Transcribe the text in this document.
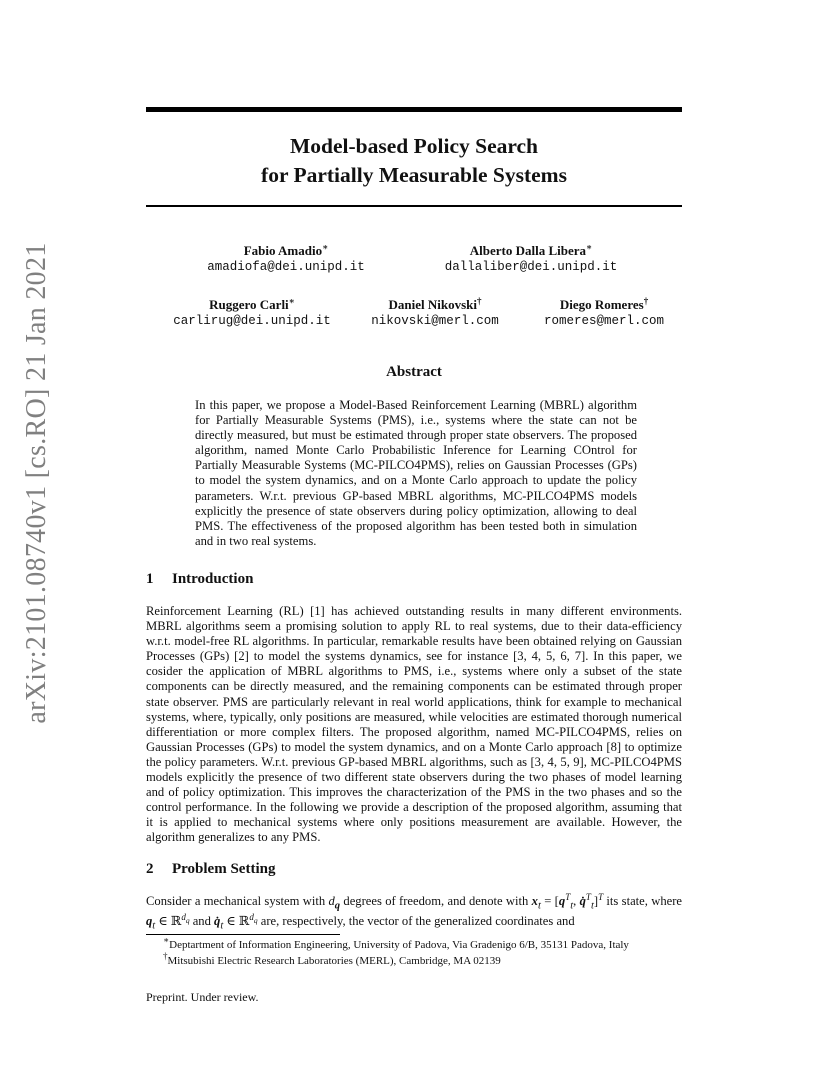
arXiv:2101.08740v1 [cs.RO] 21 Jan 2021
Model-based Policy Search
for Partially Measurable Systems
Fabio Amadio∗
amadiofa@dei.unipd.it
Alberto Dalla Libera∗
dallaliber@dei.unipd.it
Ruggero Carli∗
carlirug@dei.unipd.it
Daniel Nikovski†
nikovski@merl.com
Diego Romeres†
romeres@merl.com
Abstract
In this paper, we propose a Model-Based Reinforcement Learning (MBRL) algorithm for Partially Measurable Systems (PMS), i.e., systems where the state can not be directly measured, but must be estimated through proper state observers. The proposed algorithm, named Monte Carlo Probabilistic Inference for Learning COntrol for Partially Measurable Systems (MC-PILCO4PMS), relies on Gaussian Processes (GPs) to model the system dynamics, and on a Monte Carlo approach to update the policy parameters. W.r.t. previous GP-based MBRL algorithms, MC-PILCO4PMS models explicitly the presence of state observers during policy optimization, allowing to deal PMS. The effectiveness of the proposed algorithm has been tested both in simulation and in two real systems.
1 Introduction
Reinforcement Learning (RL) [1] has achieved outstanding results in many different environments. MBRL algorithms seem a promising solution to apply RL to real systems, due to their data-efficiency w.r.t. model-free RL algorithms. In particular, remarkable results have been obtained relying on Gaussian Processes (GPs) [2] to model the systems dynamics, see for instance [3, 4, 5, 6, 7]. In this paper, we cosider the application of MBRL algorithms to PMS, i.e., systems where only a subset of the state components can be directly measured, and the remaining components can be estimated through proper state observer. PMS are particularly relevant in real world applications, think for example to mechanical systems, where, typically, only positions are measured, while velocities are estimated thorough numerical differentiation or more complex filters. The proposed algorithm, named MC-PILCO4PMS, relies on Gaussian Processes (GPs) to model the system dynamics, and on a Monte Carlo approach [8] to optimize the policy parameters. W.r.t. previous GP-based MBRL algorithms, such as [3, 4, 5, 9], MC-PILCO4PMS models explicitly the presence of two different state observers during the two phases of model learning and of policy optimization. This improves the characterization of the PMS in the two phases and so the control performance. In the following we provide a description of the proposed algorithm, assuming that it is applied to mechanical systems where only positions measurement are available. However, the algorithm generalizes to any PMS.
2 Problem Setting
Consider a mechanical system with $d_q$ degrees of freedom, and denote with $x_t = [q^T_t$, q̇$^T_t$]$^T$ its state, where $q_t$ ∈ ℝ$^{d_q}$ and $q̇_t$ ∈ ℝ$^{d_q}$ are, respectively, the vector of the generalized coordinates and
∗Deptartment of Information Engineering, University of Padova, Via Gradenigo 6/B, 35131 Padova, Italy
†Mitsubishi Electric Research Laboratories (MERL), Cambridge, MA 02139
Preprint. Under review.
